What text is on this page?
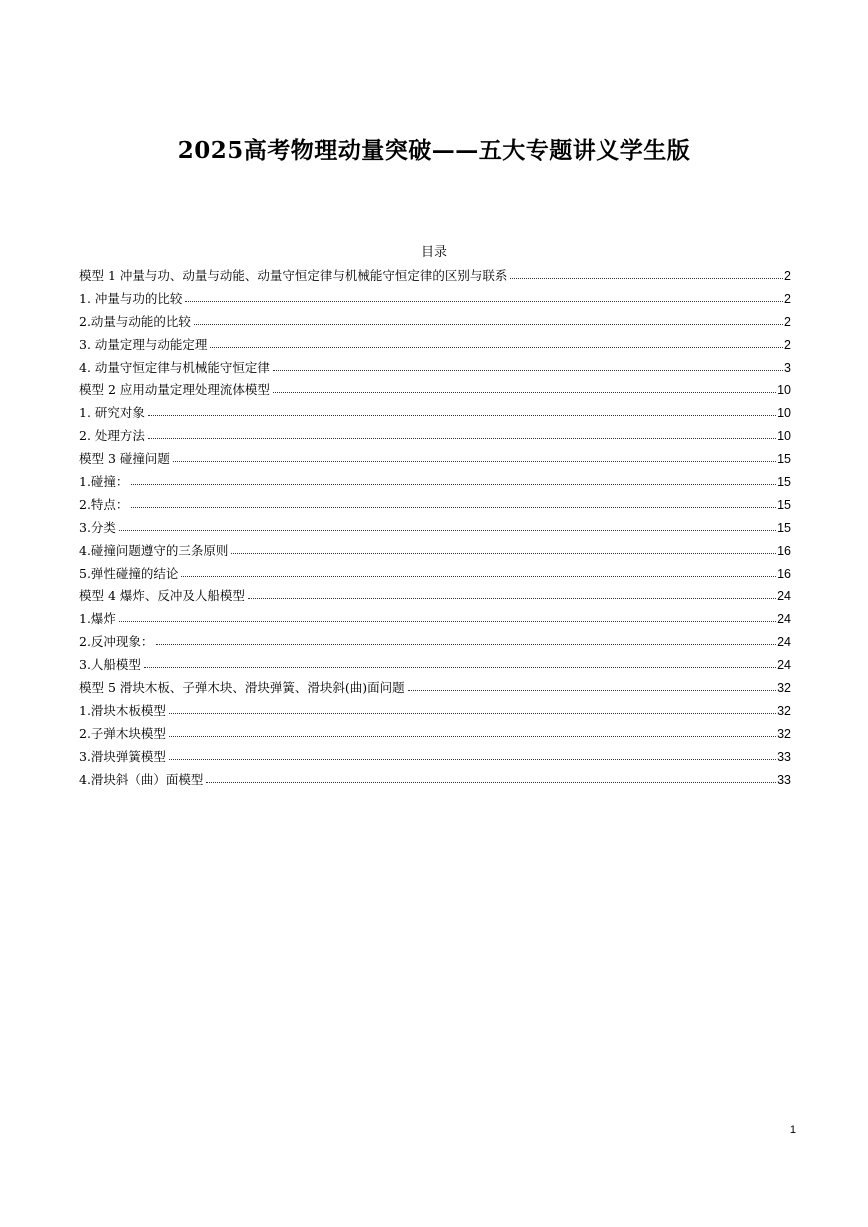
2025高考物理动量突破——五大专题讲义学生版
目录
模型 1 冲量与功、动量与动能、动量守恒定律与机械能守恒定律的区别与联系	2
1. 冲量与功的比较	2
2.动量与动能的比较	2
3. 动量定理与动能定理	2
4. 动量守恒定律与机械能守恒定律	3
模型 2 应用动量定理处理流体模型	10
1. 研究对象	10
2. 处理方法	10
模型 3 碰撞问题	15
1.碰撞：	15
2.特点：	15
3.分类	15
4.碰撞问题遵守的三条原则	16
5.弹性碰撞的结论	16
模型 4 爆炸、反冲及人船模型	24
1.爆炸	24
2.反冲现象：	24
3.人船模型	24
模型 5 滑块木板、子弹木块、滑块弹簧、滑块斜(曲)面问题	32
1.滑块木板模型	32
2.子弹木块模型	32
3.滑块弹簧模型	33
4.滑块斜（曲）面模型	33
1
